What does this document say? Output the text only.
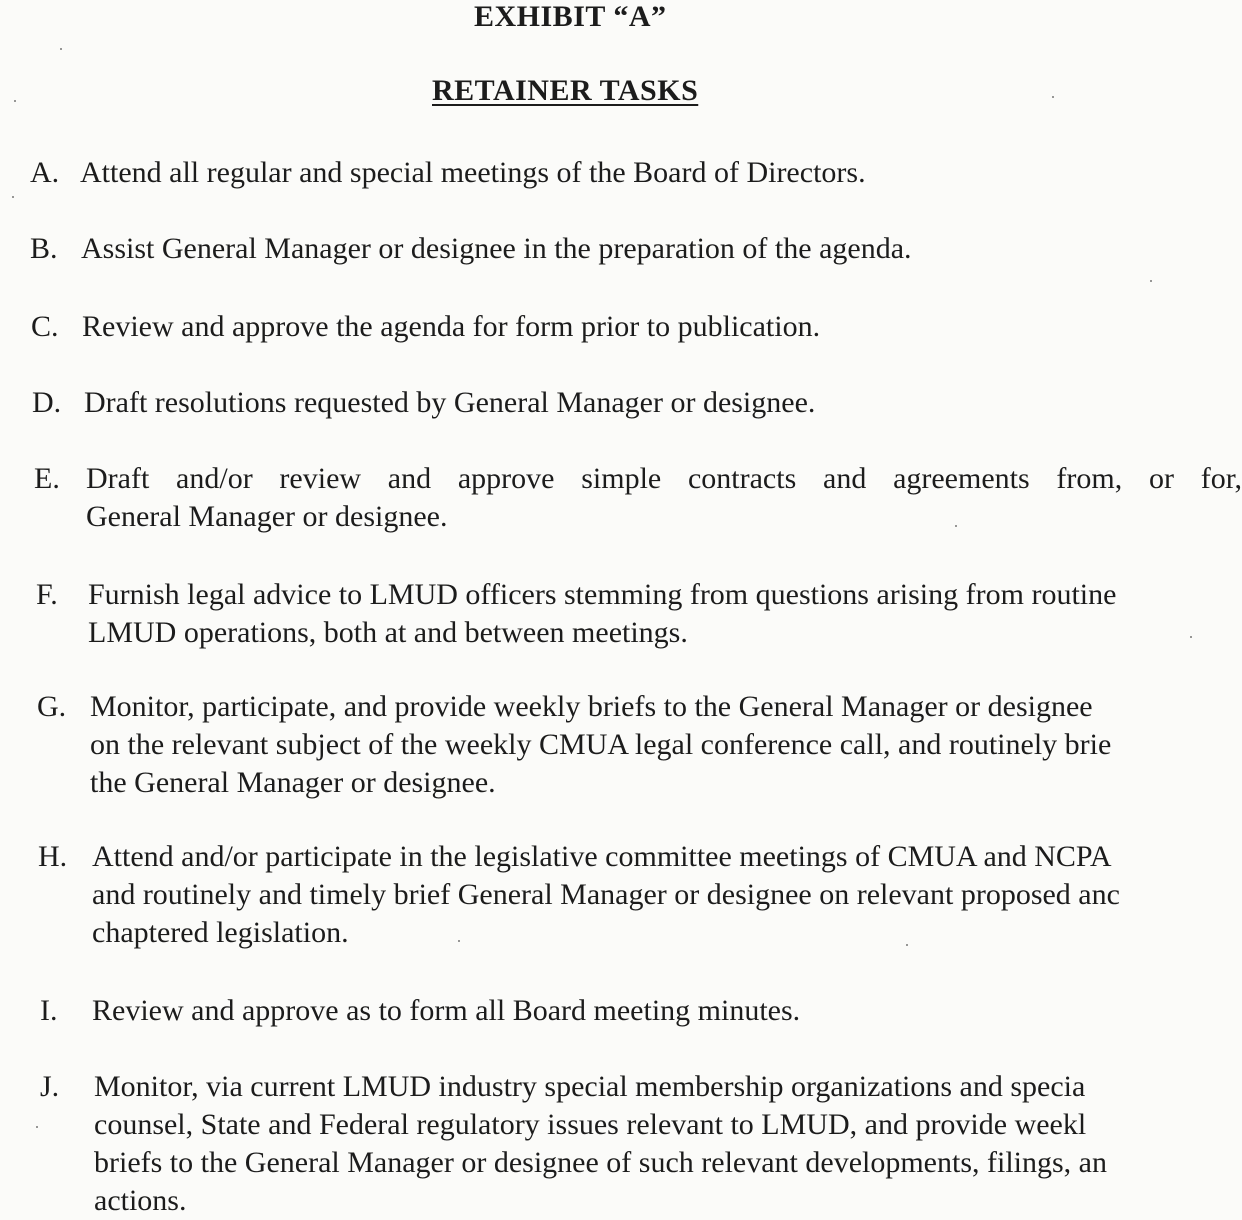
EXHIBIT “A”
RETAINER TASKS
A. Attend all regular and special meetings of the Board of Directors.
B. Assist General Manager or designee in the preparation of the agenda.
C. Review and approve the agenda for form prior to publication.
D. Draft resolutions requested by General Manager or designee.
E. Draft and/or review and approve simple contracts and agreements from, or for,
General Manager or designee.
F. Furnish legal advice to LMUD officers stemming from questions arising from routine
LMUD operations, both at and between meetings.
G. Monitor, participate, and provide weekly briefs to the General Manager or designee
on the relevant subject of the weekly CMUA legal conference call, and routinely brie
the General Manager or designee.
H. Attend and/or participate in the legislative committee meetings of CMUA and NCPA
and routinely and timely brief General Manager or designee on relevant proposed anc
chaptered legislation.
I. Review and approve as to form all Board meeting minutes.
J. Monitor, via current LMUD industry special membership organizations and specia
counsel, State and Federal regulatory issues relevant to LMUD, and provide weekl
briefs to the General Manager or designee of such relevant developments, filings, an
actions.
